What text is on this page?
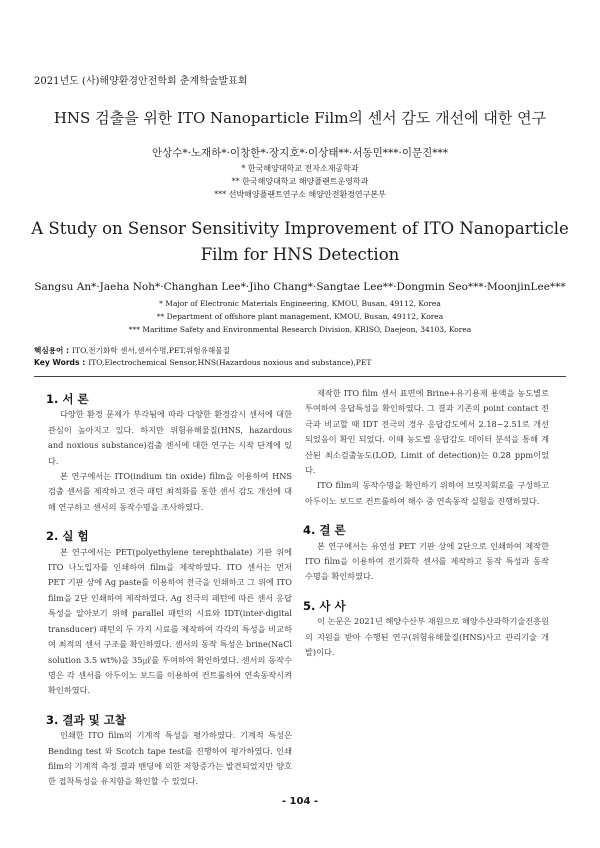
2021년도 (사)해양환경안전학회 춘계학술발표회
HNS 검출을 위한 ITO Nanoparticle Film의 센서 감도 개선에 대한 연구
안상수*·노재하*·이창한*·장지호*·이상태**·서동민***·이문진***
* 한국해양대학교 전자소재공학과
** 한국해양대학교 해양플랜트운영학과
*** 선박해양플랜트연구소 해양안전환경연구본부
A Study on Sensor Sensitivity Improvement of ITO Nanoparticle Film for HNS Detection
Sangsu An*·Jaeha Noh*·Changhan Lee*·Jiho Chang*·Sangtae Lee**·Dongmin Seo***·MoonjinLee***
* Major of Electronic Materials Engineering, KMOU, Busan, 49112, Korea
** Department of offshore plant management, KMOU, Busan, 49112, Korea
*** Maritime Safety and Environmental Research Division, KRISO, Daejeon, 34103, Korea
핵심용어 : ITO,전기화학 센서,센서수명,PET,위험유해물질
Key Words : ITO,Electrochemical Sensor,HNS(Hazardous noxious and substance),PET
1. 서 론

다양한 환경 문제가 부각됨에 따라 다양한 환경감시 센서에 대한 관심이 높아지고 있다. 하지만 위험유해물질(HNS, hazardous and noxious substance)검출 센서에 대한 연구는 시작 단계에 있다.

본 연구에서는 ITO(indium tin oxide) film을 이용하여 HNS 검출 센서를 제작하고 전극 패턴 최적화를 통한 센서 감도 개선에 대해 연구하고 센서의 동작수명을 조사하였다.

2. 실 험

본 연구에서는 PET(polyethylene terephthalate) 기판 위에 ITO 나노입자를 인쇄하여 film을 제작하였다. ITO 센서는 먼저 PET 기판 상에 Ag paste를 이용하여 전극을 인쇄하고 그 위에 ITO film을 2단 인쇄하여 제작하였다. Ag 전극의 패턴에 따른 센서 응답 특성을 알아보기 위해 parallel 패턴의 시료와 IDT(inter-digital transducer) 패턴의 두 가지 시료를 제작하여 각각의 특성을 비교하여 최적의 센서 구조를 확인하였다. 센서의 동작 특성은 brine(NaCl solution 3.5 wt%)을 35㎕를 투여하여 확인하였다. 센서의 동작수명은 각 센서를 아두이노 보드를 이용하여 컨트롤하여 연속동작시켜 확인하였다.

3. 결과 및 고찰

인쇄한 ITO film의 기계적 특성을 평가하였다. 기계적 특성은 Bending test 와 Scotch tape test를 진행하여 평가하였다. 인쇄 film의 기계적 측정 결과 밴딩에 의한 저항증가는 발견되었지만 양호한 접착특성을 유지함을 확인할 수 있었다.

제작한 ITO film 센서 표면에 Brine+유기용제 용액을 농도별로 투여하여 응답특성을 확인하였다. 그 결과 기존의 point contact 전극과 비교할 때 IDT 전극의 경우 응답감도에서 2.18~2.51로 개선되었음이 확인 되었다. 이때 농도별 응답감도 데이터 분석을 통해 계산된 최소검출농도(LOD, Limit of detection)는 0.28 ppm이었다.

ITO film의 동작수명을 확인하기 위하여 브릿지회로를 구성하고 아두이노 보드로 컨트롤하여 해수 중 연속동작 실험을 진행하였다.

4. 결 론

본 연구에서는 유연성 PET 기판 상에 2단으로 인쇄하여 제작한 ITO film을 이용하여 전기화학 센서를 제작하고 동작 특성과 동작 수명을 확인하였다.

5. 사 사

이 논문은 2021년 해양수산부 재원으로 해양수산과학기술진흥원의 지원을 받아 수행된 연구(위험유해물질(HNS)사고 관리기술 개발)이다.

- 104 -
